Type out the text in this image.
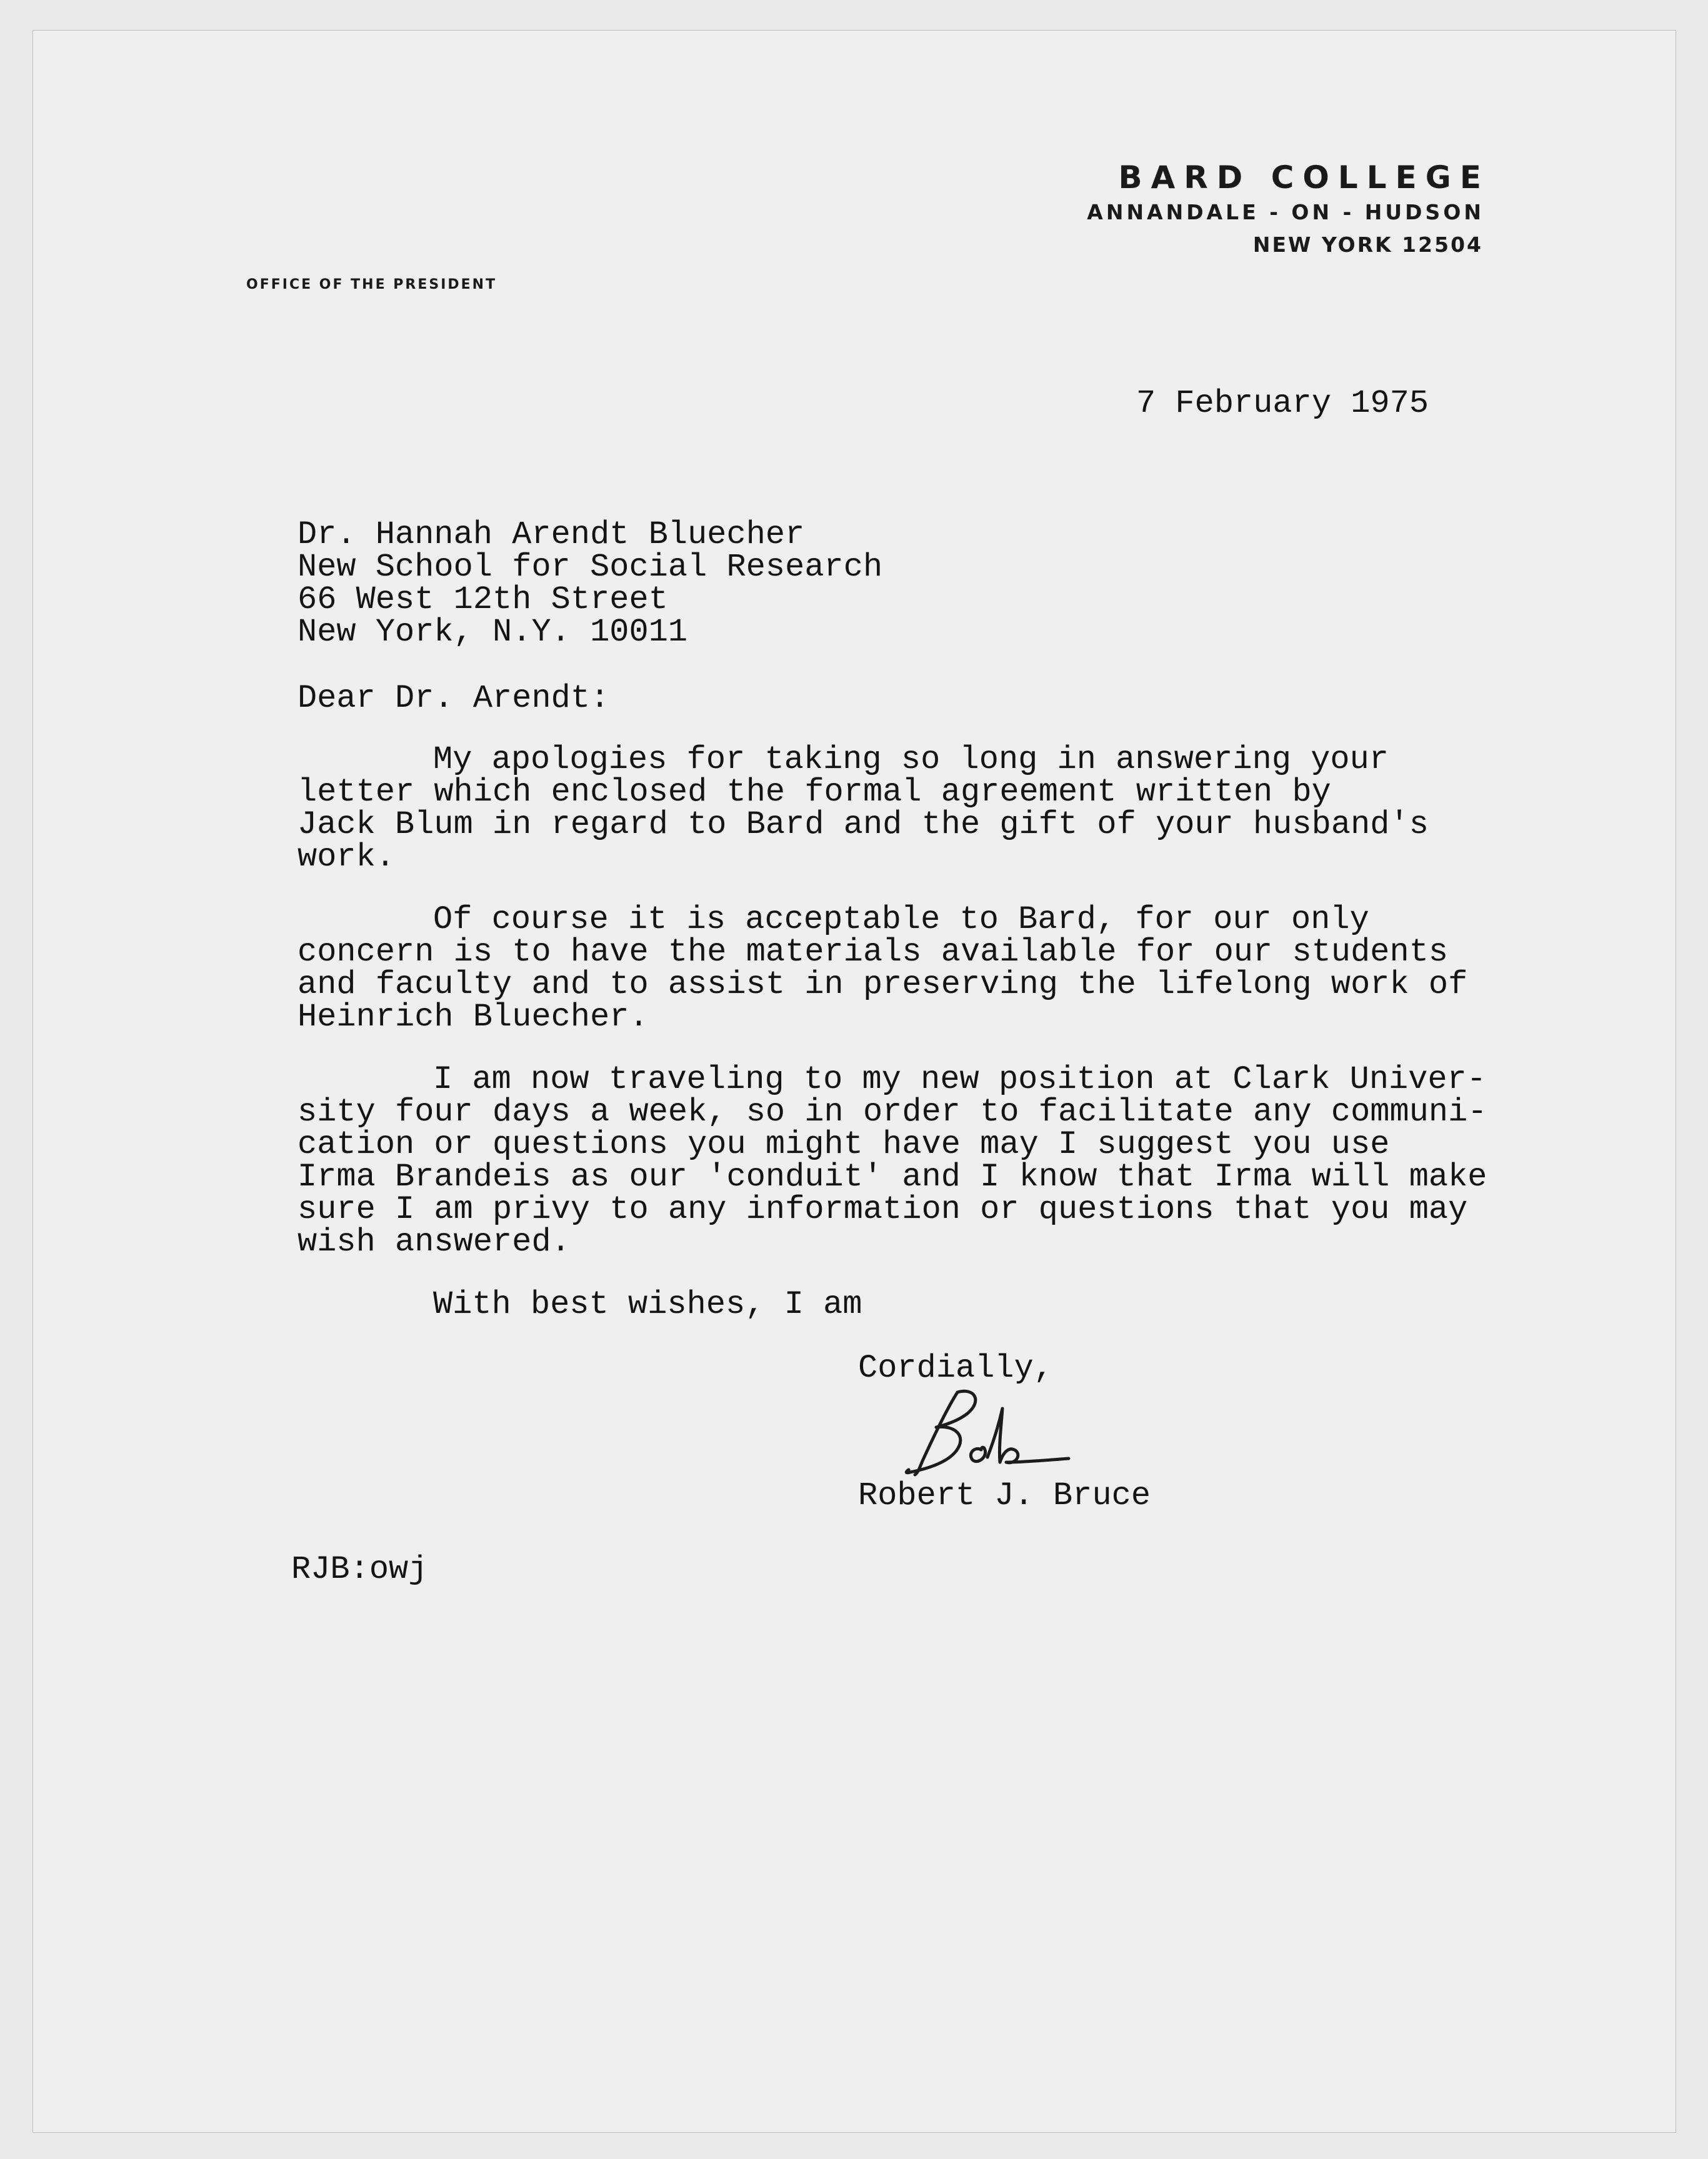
BARD COLLEGE
ANNANDALE - ON - HUDSON
NEW YORK 12504
OFFICE OF THE PRESIDENT
7 February 1975
Dr. Hannah Arendt Bluecher
New School for Social Research
66 West 12th Street
New York, N.Y. 10011
Dear Dr. Arendt:
My apologies for taking so long in answering your
letter which enclosed the formal agreement written by
Jack Blum in regard to Bard and the gift of your husband's
work.
Of course it is acceptable to Bard, for our only
concern is to have the materials available for our students
and faculty and to assist in preserving the lifelong work of
Heinrich Bluecher.
I am now traveling to my new position at Clark Univer-
sity four days a week, so in order to facilitate any communi-
cation or questions you might have may I suggest you use
Irma Brandeis as our 'conduit' and I know that Irma will make
sure I am privy to any information or questions that you may
wish answered.
With best wishes, I am
Cordially,
Robert J. Bruce
RJB:owj
